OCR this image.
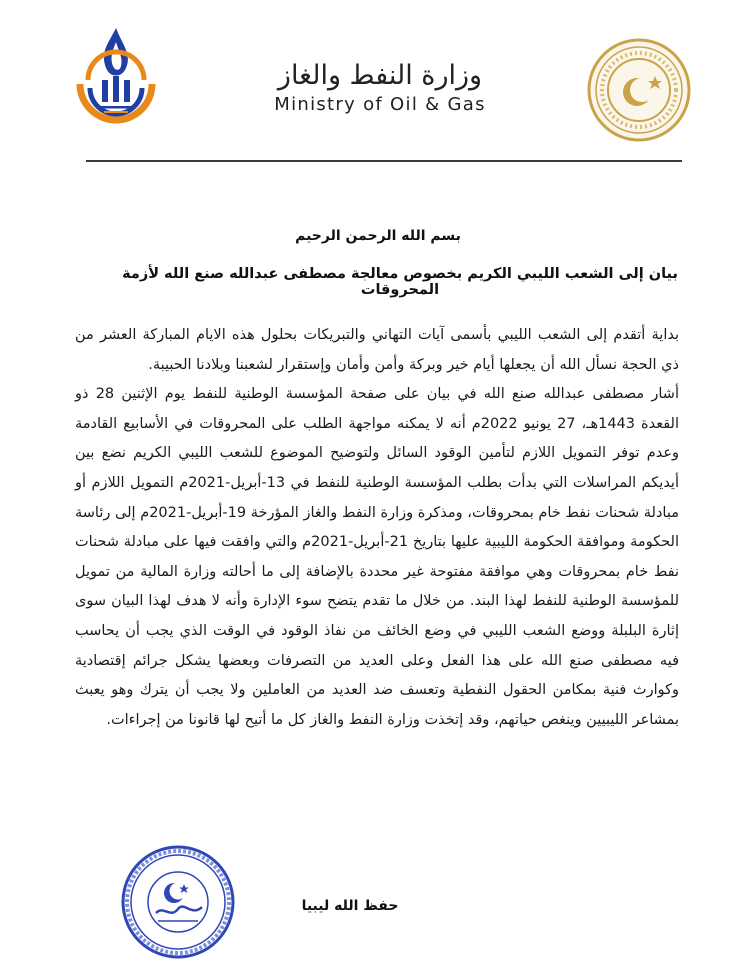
وزارة النفط والغاز
Ministry of Oil & Gas
بسم الله الرحمن الرحيم
بيان إلى الشعب الليبي الكريم بخصوص معالجة مصطفى عبدالله صنع الله لأزمة المحروقات

بداية أتقدم إلى الشعب الليبي بأسمى آيات التهاني والتبريكات بحلول هذه الايام المباركة العشر من ذي الحجة نسأل الله أن يجعلها أيام خير وبركة وأمن وأمان وإستقرار لشعبنا وبلادنا الحبيبة.

أشار مصطفى عبدالله صنع الله في بيان على صفحة المؤسسة الوطنية للنفط يوم الإثنين 28 ذو القعدة 1443هـ، 27 يونيو 2022م أنه لا يمكنه مواجهة الطلب على المحروقات في الأسابيع القادمة وعدم توفر التمويل اللازم لتأمين الوقود السائل ولتوضيح الموضوع للشعب الليبي الكريم نضع بين أيديكم المراسلات التي بدأت بطلب المؤسسة الوطنية للنفط في 13-أبريل-2021م التمويل اللازم أو مبادلة شحنات نفط خام بمحروقات، ومذكرة وزارة النفط والغاز المؤرخة 19-أبريل-2021م إلى رئاسة الحكومة وموافقة الحكومة الليبية عليها بتاريخ 21-أبريل-2021م والتي وافقت فيها على مبادلة شحنات نفط خام بمحروقات وهي موافقة مفتوحة غير محددة بالإضافة إلى ما أحالته وزارة المالية من تمويل للمؤسسة الوطنية للنفط لهذا البند. من خلال ما تقدم يتضح سوء الإدارة وأنه لا هدف لهذا البيان سوى إثارة البلبلة ووضع الشعب الليبي في وضع الخائف من نفاذ الوقود في الوقت الذي يجب أن يحاسب فيه مصطفى صنع الله على هذا الفعل وعلى العديد من التصرفات وبعضها يشكل جرائم إقتصادية وكوارث فنية بمكامن الحقول النفطية وتعسف ضد العديد من العاملين ولا يجب أن يترك وهو يعبث بمشاعر الليبيين وينغص حياتهم، وقد إتخذت وزارة النفط والغاز كل ما أتيح لها قانونا من إجراءات.

حفظ الله ليبيا
